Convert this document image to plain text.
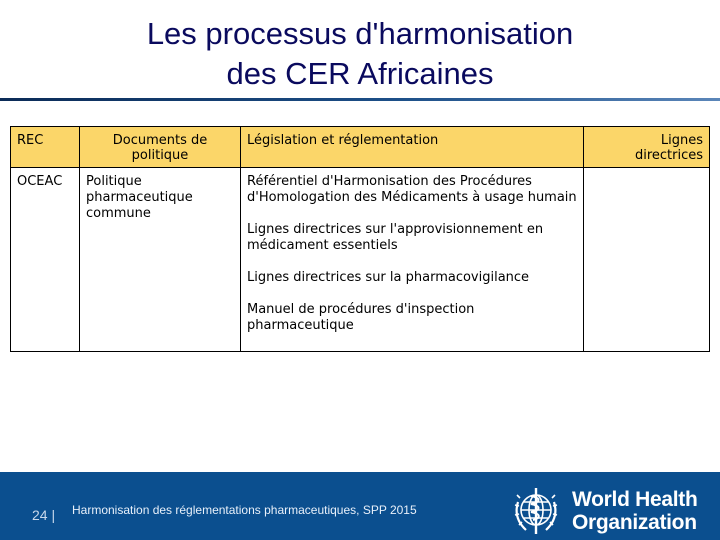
Les processus d'harmonisation
des CER Africaines
REC	Documents de politique	Législation et réglementation	Lignes directrices
OCEAC	Politique pharmaceutique commune	Référentiel d'Harmonisation des Procédures d'Homologation des Médicaments à usage humain
Lignes directrices sur l'approvisionnement en médicament essentiels
Lignes directrices sur la pharmacovigilance
Manuel de procédures d'inspection pharmaceutique	

24 | Harmonisation des réglementations pharmaceutiques, SPP 2015	World Health
Organization
